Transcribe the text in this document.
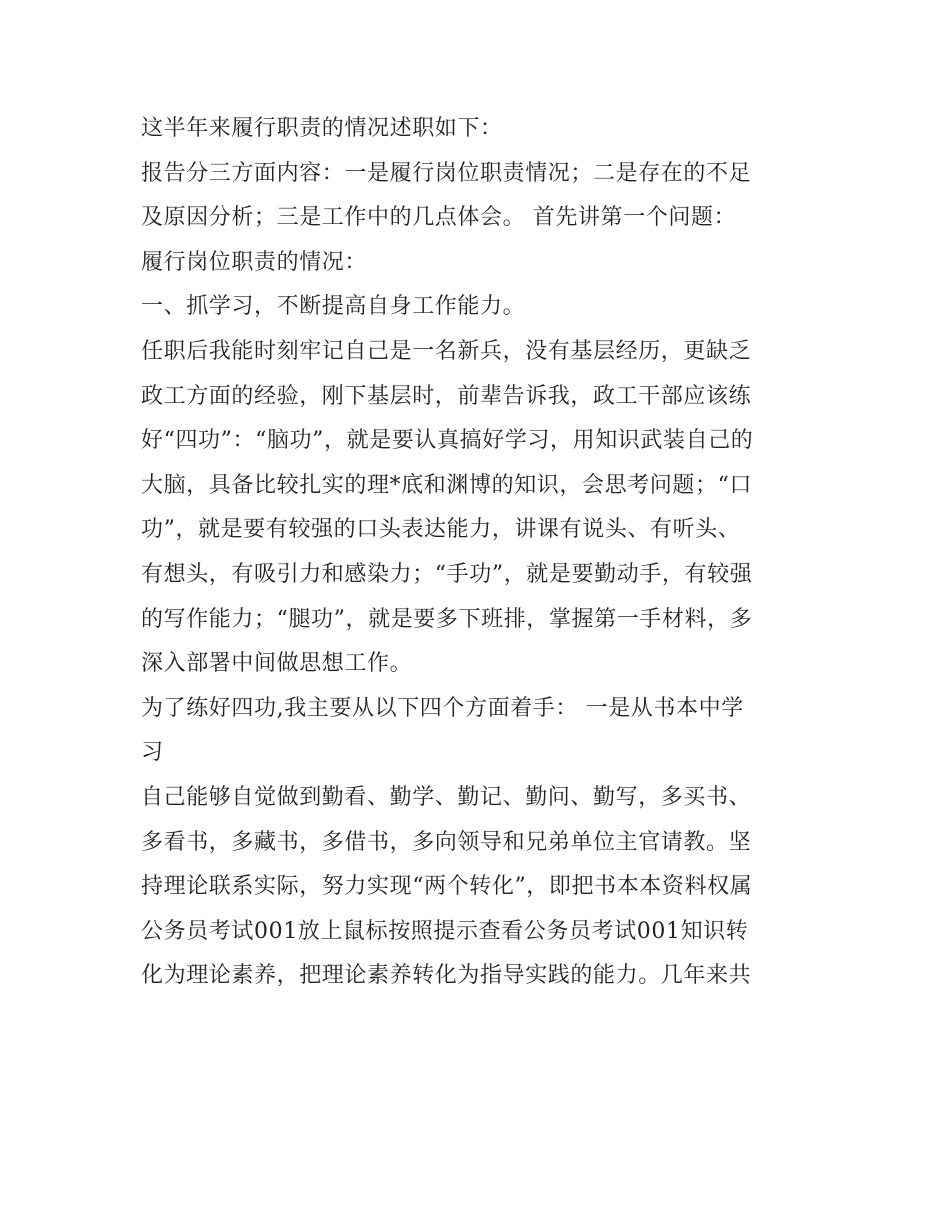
这半年来履行职责的情况述职如下：
报告分三方面内容：一是履行岗位职责情况；二是存在的不足
及原因分析；三是工作中的几点体会。 首先讲第一个问题：
履行岗位职责的情况：
一、抓学习，不断提高自身工作能力。
任职后我能时刻牢记自己是一名新兵，没有基层经历，更缺乏
政工方面的经验，刚下基层时，前辈告诉我，政工干部应该练
好“四功”：“脑功”，就是要认真搞好学习，用知识武装自己的
大脑，具备比较扎实的理*底和渊博的知识，会思考问题；“口
功”，就是要有较强的口头表达能力，讲课有说头、有听头、
有想头，有吸引力和感染力；“手功”，就是要勤动手，有较强
的写作能力；“腿功”，就是要多下班排，掌握第一手材料，多
深入部署中间做思想工作。
为了练好四功,我主要从以下四个方面着手： 一是从书本中学
习
自己能够自觉做到勤看、勤学、勤记、勤问、勤写，多买书、
多看书，多藏书，多借书，多向领导和兄弟单位主官请教。坚
持理论联系实际，努力实现“两个转化”，即把书本本资料权属
公务员考试001放上鼠标按照提示查看公务员考试001知识转
化为理论素养，把理论素养转化为指导实践的能力。几年来共
